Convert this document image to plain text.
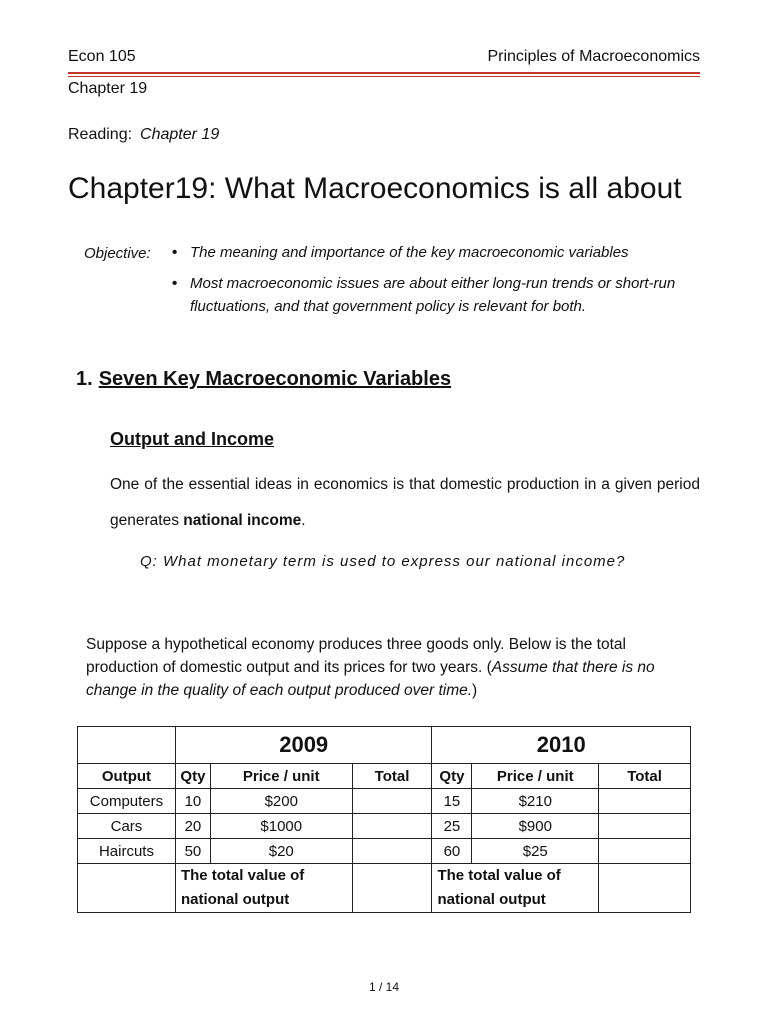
Econ 105	Principles of Macroeconomics
Chapter 19
Reading: Chapter 19
Chapter19: What Macroeconomics is all about
Objective:	• The meaning and importance of the key macroeconomic variables
• Most macroeconomic issues are about either long-run trends or short-run fluctuations, and that government policy is relevant for both.
1. Seven Key Macroeconomic Variables
Output and Income
One of the essential ideas in economics is that domestic production in a given period generates national income.
Q: What monetary term is used to express our national income?
Suppose a hypothetical economy produces three goods only. Below is the total production of domestic output and its prices for two years. (Assume that there is no change in the quality of each output produced over time.)
	2009			2010		
Output	Qty	Price / unit	Total	Qty	Price / unit	Total
Computers	10	$200		15	$210	
Cars	20	$1000		25	$900	
Haircuts	50	$20		60	$25	
	The total value of national output			The total value of national output		
1 / 14
